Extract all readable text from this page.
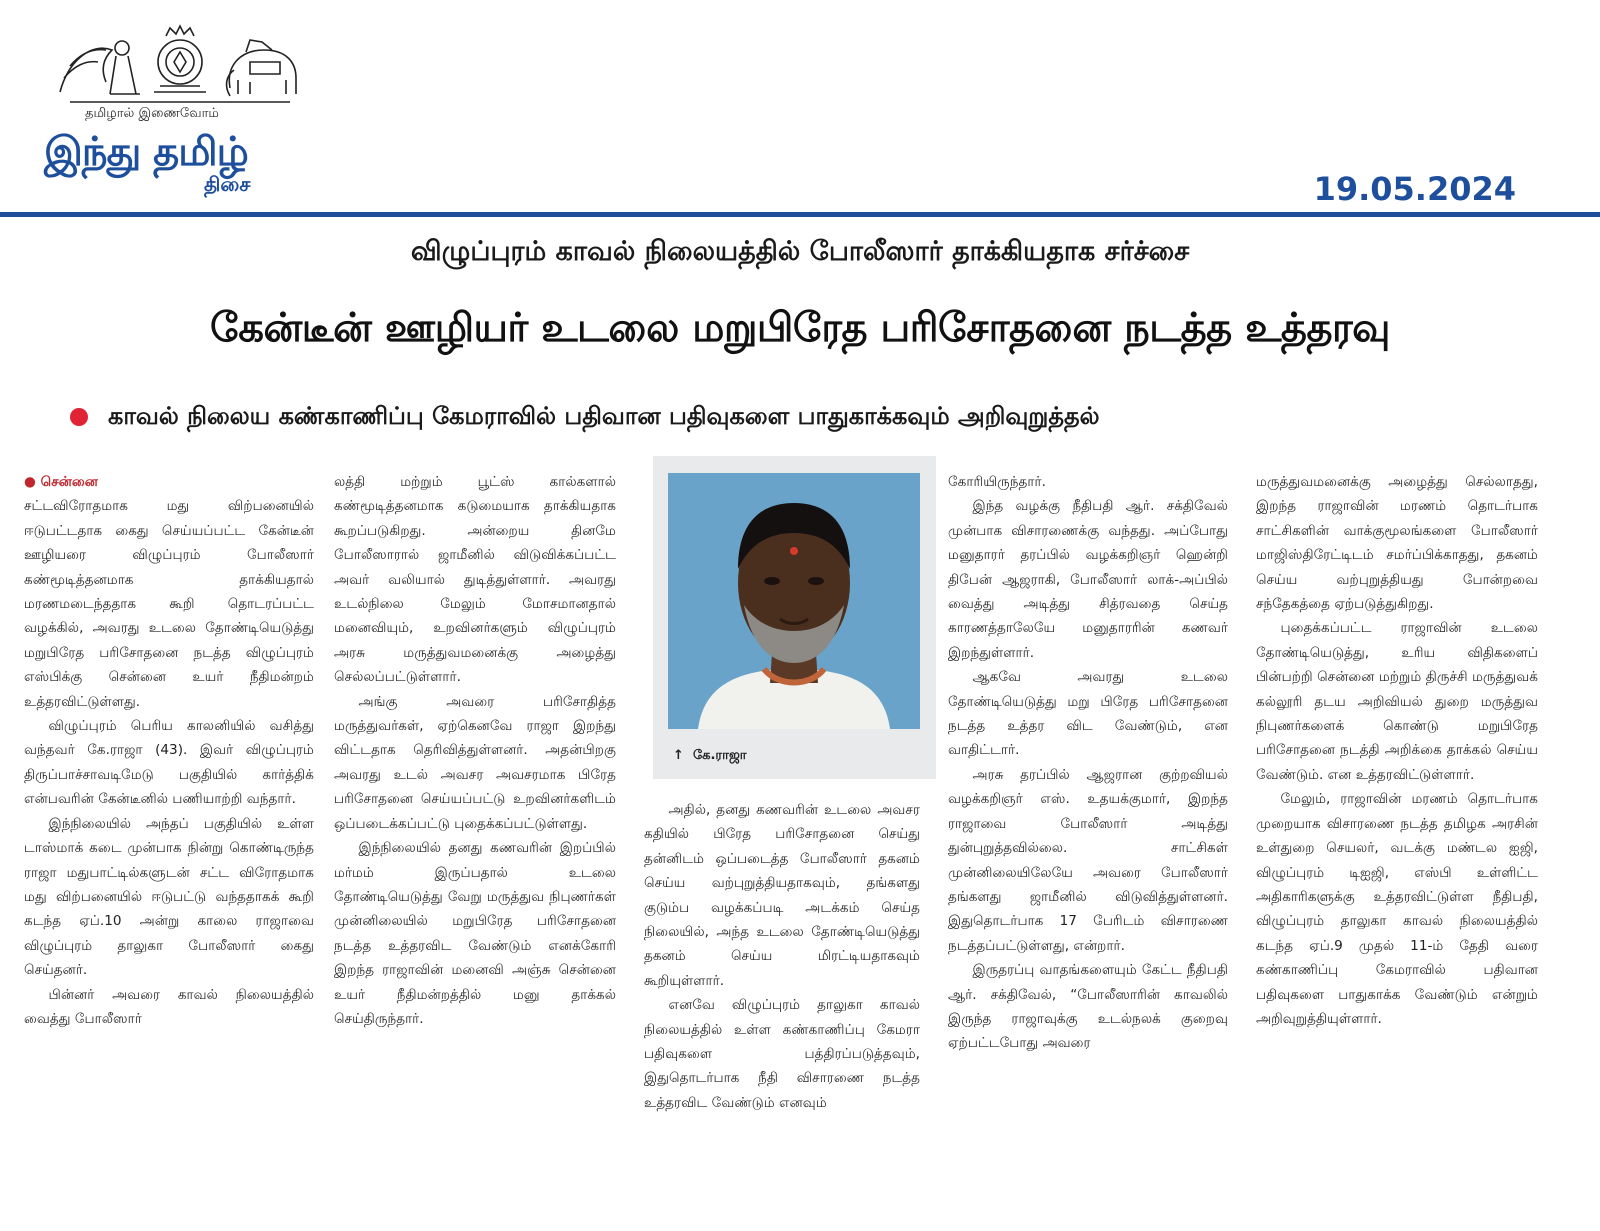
தமிழால் இணைவோம்
இந்து தமிழ்
திசை	19.05.2024
விழுப்புரம் காவல் நிலையத்தில் போலீஸார் தாக்கியதாக சர்ச்சை
கேன்டீன் ஊழியர் உடலை மறுபிரேத பரிசோதனை நடத்த உத்தரவு
காவல் நிலைய கண்காணிப்பு கேமராவில் பதிவான பதிவுகளை பாதுகாக்கவும் அறிவுறுத்தல்
● சென்னை

சட்டவிரோதமாக மது விற்பனையில் ஈடுபட்டதாக கைது செய்யப்பட்ட கேன்டீன் ஊழியரை விழுப்புரம் போலீஸார் கண்மூடித்தனமாக தாக்கியதால் மரணமடைந்ததாக கூறி தொடரப்பட்ட வழக்கில், அவரது உடலை தோண்டியெடுத்து மறுபிரேத பரிசோதனை நடத்த விழுப்புரம் எஸ்பிக்கு சென்னை உயர் நீதிமன்றம் உத்தரவிட்டுள்ளது.

விழுப்புரம் பெரிய காலனியில் வசித்து வந்தவர் கே.ராஜா (43). இவர் விழுப்புரம் திருப்பாச்சாவடிமேடு பகுதியில் கார்த்திக் என்பவரின் கேன்டீனில் பணியாற்றி வந்தார்.

இந்நிலையில் அந்தப் பகுதியில் உள்ள டாஸ்மாக் கடை முன்பாக நின்று கொண்டிருந்த ராஜா மதுபாட்டில்களுடன் சட்ட விரோதமாக மது விற்பனையில் ஈடுபட்டு வந்ததாகக் கூறி கடந்த ஏப்.10 அன்று காலை ராஜாவை விழுப்புரம் தாலுகா போலீஸார் கைது செய்தனர்.

பின்னர் அவரை காவல் நிலையத்தில் வைத்து போலீஸார்

லத்தி மற்றும் பூட்ஸ் கால்களால் கண்மூடித்தனமாக கடுமையாக தாக்கியதாக கூறப்படுகிறது. அன்றைய தினமே போலீஸாரால் ஜாமீனில் விடுவிக்கப்பட்ட அவர் வலியால் துடித்துள்ளார். அவரது உடல்நிலை மேலும் மோசமானதால் மனைவியும், உறவினர்களும் விழுப்புரம் அரசு மருத்துவமனைக்கு அழைத்து செல்லப்பட்டுள்ளார்.

அங்கு அவரை பரிசோதித்த மருத்துவர்கள், ஏற்கெனவே ராஜா இறந்து விட்டதாக தெரிவித்துள்ளனர். அதன்பிறகு அவரது உடல் அவசர அவசரமாக பிரேத பரிசோதனை செய்யப்பட்டு உறவினர்களிடம் ஒப்படைக்கப்பட்டு புதைக்கப்பட்டுள்ளது.

இந்நிலையில் தனது கணவரின் இறப்பில் மர்மம் இருப்பதால் உடலை தோண்டியெடுத்து வேறு மருத்துவ நிபுணர்கள் முன்னிலையில் மறுபிரேத பரிசோதனை நடத்த உத்தரவிட வேண்டும் எனக்கோரி இறந்த ராஜாவின் மனைவி அஞ்சு சென்னை உயர் நீதிமன்றத்தில் மனு தாக்கல் செய்திருந்தார்.

↑  கே.ராஜா

அதில், தனது கணவரின் உடலை அவசர கதியில் பிரேத பரிசோதனை செய்து தன்னிடம் ஒப்படைத்த போலீஸார் தகனம் செய்ய வற்புறுத்தியதாகவும், தங்களது குடும்ப வழக்கப்படி அடக்கம் செய்த நிலையில், அந்த உடலை தோண்டியெடுத்து தகனம் செய்ய மிரட்டியதாகவும் கூறியுள்ளார்.

எனவே விழுப்புரம் தாலுகா காவல் நிலையத்தில் உள்ள கண்காணிப்பு கேமரா பதிவுகளை பத்திரப்படுத்தவும், இதுதொடர்பாக நீதி விசாரணை நடத்த உத்தரவிட வேண்டும் எனவும்

கோரியிருந்தார்.

இந்த வழக்கு நீதிபதி ஆர். சக்திவேல் முன்பாக விசாரணைக்கு வந்தது. அப்போது மனுதாரர் தரப்பில் வழக்கறிஞர் ஹென்றி திபேன் ஆஜராகி, போலீஸார் லாக்-அப்பில் வைத்து அடித்து சித்ரவதை செய்த காரணத்தாலேயே மனுதாரரின் கணவர் இறந்துள்ளார்.

ஆகவே அவரது உடலை தோண்டியெடுத்து மறு பிரேத பரிசோதனை நடத்த உத்தர விட வேண்டும், என வாதிட்டார்.

அரசு தரப்பில் ஆஜரான குற்றவியல் வழக்கறிஞர் எஸ். உதயக்குமார், இறந்த ராஜாவை போலீஸார் அடித்து துன்புறுத்தவில்லை. சாட்சிகள் முன்னிலையிலேயே அவரை போலீஸார் தங்களது ஜாமீனில் விடுவித்துள்ளனர். இதுதொடர்பாக 17 பேரிடம் விசாரணை நடத்தப்பட்டுள்ளது, என்றார்.

இருதரப்பு வாதங்களையும் கேட்ட நீதிபதி ஆர். சக்திவேல், “போலீஸாரின் காவலில் இருந்த ராஜாவுக்கு உடல்நலக் குறைவு ஏற்பட்டபோது அவரை

மருத்துவமனைக்கு அழைத்து செல்லாதது, இறந்த ராஜாவின் மரணம் தொடர்பாக சாட்சிகளின் வாக்குமூலங்களை போலீஸார் மாஜிஸ்திரேட்டிடம் சமர்ப்பிக்காதது, தகனம் செய்ய வற்புறுத்தியது போன்றவை சந்தேகத்தை ஏற்படுத்துகிறது.

புதைக்கப்பட்ட ராஜாவின் உடலை தோண்டியெடுத்து, உரிய விதிகளைப் பின்பற்றி சென்னை மற்றும் திருச்சி மருத்துவக் கல்லூரி தடய அறிவியல் துறை மருத்துவ நிபுணர்களைக் கொண்டு மறுபிரேத பரிசோதனை நடத்தி அறிக்கை தாக்கல் செய்ய வேண்டும். என உத்தரவிட்டுள்ளார்.

மேலும், ராஜாவின் மரணம் தொடர்பாக முறையாக விசாரணை நடத்த தமிழக அரசின் உள்துறை செயலர், வடக்கு மண்டல ஐஜி, விழுப்புரம் டிஐஜி, எஸ்பி உள்ளிட்ட அதிகாரிகளுக்கு உத்தரவிட்டுள்ள நீதிபதி, விழுப்புரம் தாலுகா காவல் நிலையத்தில் கடந்த ஏப்.9 முதல் 11-ம் தேதி வரை கண்காணிப்பு கேமராவில் பதிவான பதிவுகளை பாதுகாக்க வேண்டும் என்றும் அறிவுறுத்தியுள்ளார்.
